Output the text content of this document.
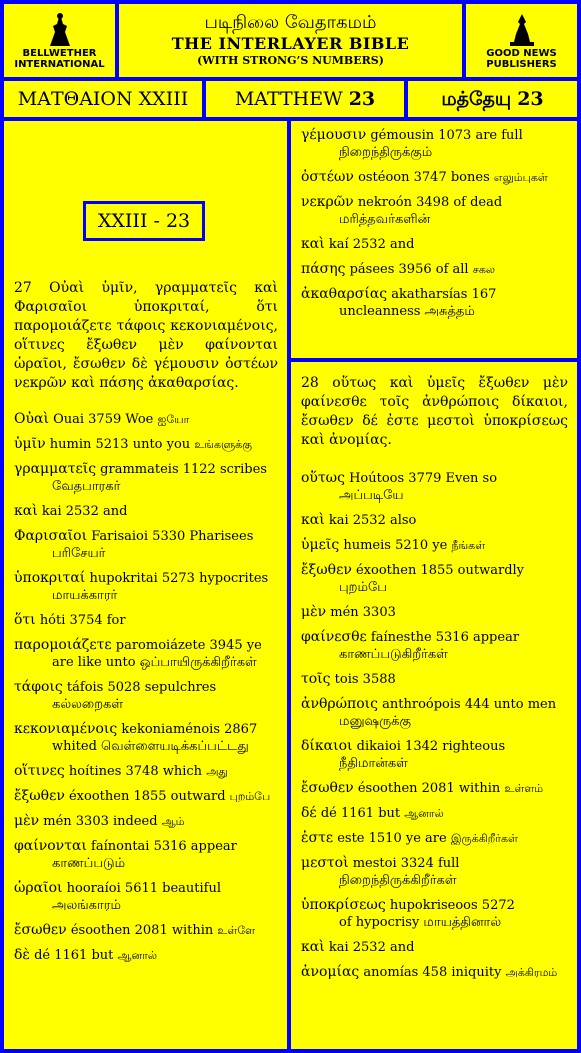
BELLWETHER
INTERNATIONAL
படிநிலை வேதாகமம்
THE INTERLAYER BIBLE
(WITH STRONG’S NUMBERS)
GOOD NEWS
PUBLISHERS
ΜΑΤΘΑΙΟΝ XXIII	MATTHEW 23	மத்தேயு 23
XXIII - 23
27 Οὐαὶ ὑμῖν, γραμματεῖς καὶ Φαρισαῖοι ὑποκριταί, ὅτι παρομοιάζετε τάφοις κεκονιαμένοις, οἵτινες ἔξωθεν μὲν φαίνονται ὡραῖοι, ἔσωθεν δὲ γέμουσιν ὀστέων νεκρῶν καὶ πάσης ἀκαθαρσίας.
Οὐαὶ Ouai 3759 Woe ஐயோ
ὑμῖν humin 5213 unto you உங்களுக்கு
γραμματεῖς grammateis 1122 scribes
வேதபாரகர்
καὶ kai 2532 and
Φαρισαῖοι Farisaioi 5330 Pharisees
பரிசேயர்
ὑποκριταί hupokritai 5273 hypocrites
மாயக்காரர்
ὅτι hóti 3754 for
παρομοιάζετε paromoiázete 3945 ye
are like unto ஒப்பாயிருக்கிறீர்கள்
τάφοις táfois 5028 sepulchres
கல்லறைகள்
κεκονιαμένοις kekoniaménois 2867
whited வெள்ளையடிக்கப்பட்டது
οἵτινες hoítines 3748 which அது
ἔξωθεν éxoothen 1855 outward புறம்பே
μὲν mén 3303 indeed ஆம்
φαίνονται faínontai 5316 appear
காணப்படும்
ὡραῖοι hooraíoi 5611 beautiful
அலங்காரம்
ἔσωθεν ésoothen 2081 within உள்ளே
δὲ dé 1161 but ஆனால்
γέμουσιν gémousin 1073 are full
நிறைந்திருக்கும்
ὀστέων ostéoon 3747 bones எலும்புகள்
νεκρῶν nekroón 3498 of dead
மரித்தவர்களின்
καὶ kaí 2532 and
πάσης pásees 3956 of all சகல
ἀκαθαρσίας akatharsías 167
uncleanness அசுத்தம்
28 οὕτως καὶ ὑμεῖς ἔξωθεν μὲν φαίνεσθε τοῖς ἀνθρώποις δίκαιοι, ἔσωθεν δέ ἐστε μεστοὶ ὑποκρίσεως καὶ ἀνομίας.
οὕτως Hoútoos 3779 Even so
அப்படியே
καὶ kai 2532 also
ὑμεῖς humeis 5210 ye நீங்கள்
ἔξωθεν éxoothen 1855 outwardly
புறம்பே
μὲν mén 3303
φαίνεσθε faínesthe 5316 appear
காணப்படுகிறீர்கள்
τοῖς tois 3588
ἀνθρώποις anthroópois 444 unto men
மனுஷருக்கு
δίκαιοι dikaioi 1342 righteous
நீதிமான்கள்
ἔσωθεν ésoothen 2081 within உள்ளம்
δέ dé 1161 but ஆனால்
ἐστε este 1510 ye are இருக்கிறீர்கள்
μεστοὶ mestoi 3324 full
நிறைந்திருக்கிறீர்கள்
ὑποκρίσεως hupokriseoos 5272
of hypocrisy மாயத்தினால்
καὶ kai 2532 and
ἀνομίας anomías 458 iniquity அக்கிரமம்
